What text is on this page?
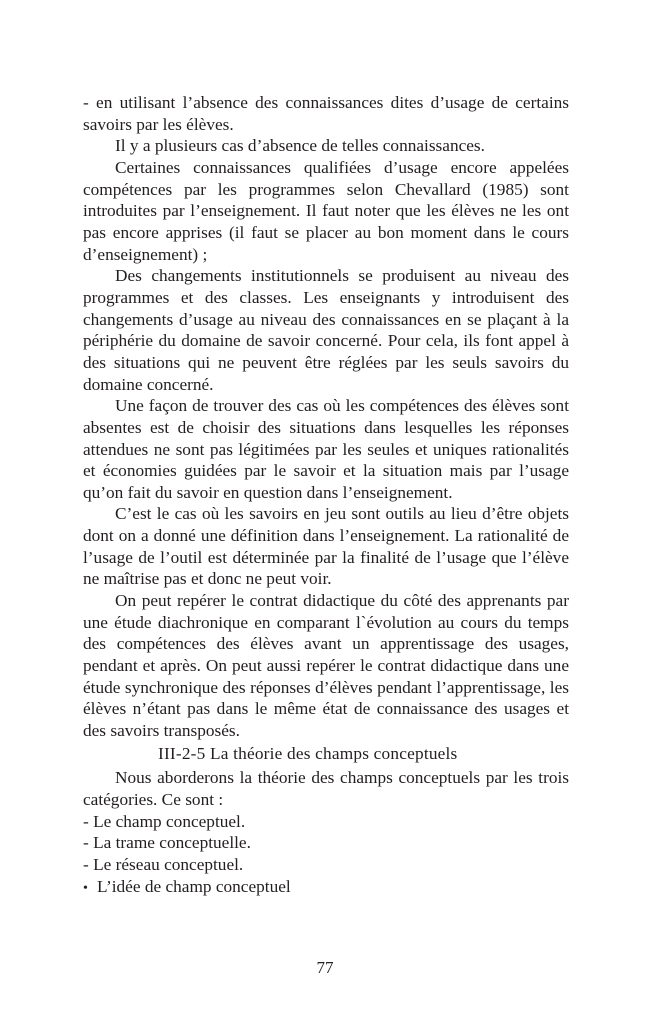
- en utilisant l’absence des connaissances dites d’usage de certains savoirs par les élèves.

Il y a plusieurs cas d’absence de telles connaissances.

Certaines connaissances qualifiées d’usage encore appelées compétences par les programmes selon Chevallard (1985) sont introduites par l’enseignement. Il faut noter que les élèves ne les ont pas encore apprises (il faut se placer au bon moment dans le cours d’enseignement) ;

Des changements institutionnels se produisent au niveau des programmes et des classes. Les enseignants y introduisent des changements d’usage au niveau des connaissances en se plaçant à la périphérie du domaine de savoir concerné. Pour cela, ils font appel à des situations qui ne peuvent être réglées par les seuls savoirs du domaine concerné.

Une façon de trouver des cas où les compétences des élèves sont absentes est de choisir des situations dans lesquelles les réponses attendues ne sont pas légitimées par les seules et uniques rationalités et économies guidées par le savoir et la situation mais par l’usage qu’on fait du savoir en question dans l’enseignement.

C’est le cas où les savoirs en jeu sont outils au lieu d’être objets dont on a donné une définition dans l’enseignement. La rationalité de l’usage de l’outil est déterminée par la finalité de l’usage que l’élève ne maîtrise pas et donc ne peut voir.

On peut repérer le contrat didactique du côté des apprenants par une étude diachronique en comparant l`évolution au cours du temps des compétences des élèves avant un apprentissage des usages, pendant et après. On peut aussi repérer le contrat didactique dans une étude synchronique des réponses d’élèves pendant l’apprentissage, les élèves n’étant pas dans le même état de connaissance des usages et des savoirs transposés.

III-2-5 La théorie des champs conceptuels

Nous aborderons la théorie des champs conceptuels par les trois catégories. Ce sont :

- Le champ conceptuel.

- La trame conceptuelle.

- Le réseau conceptuel.

• L’idée de champ conceptuel

77
